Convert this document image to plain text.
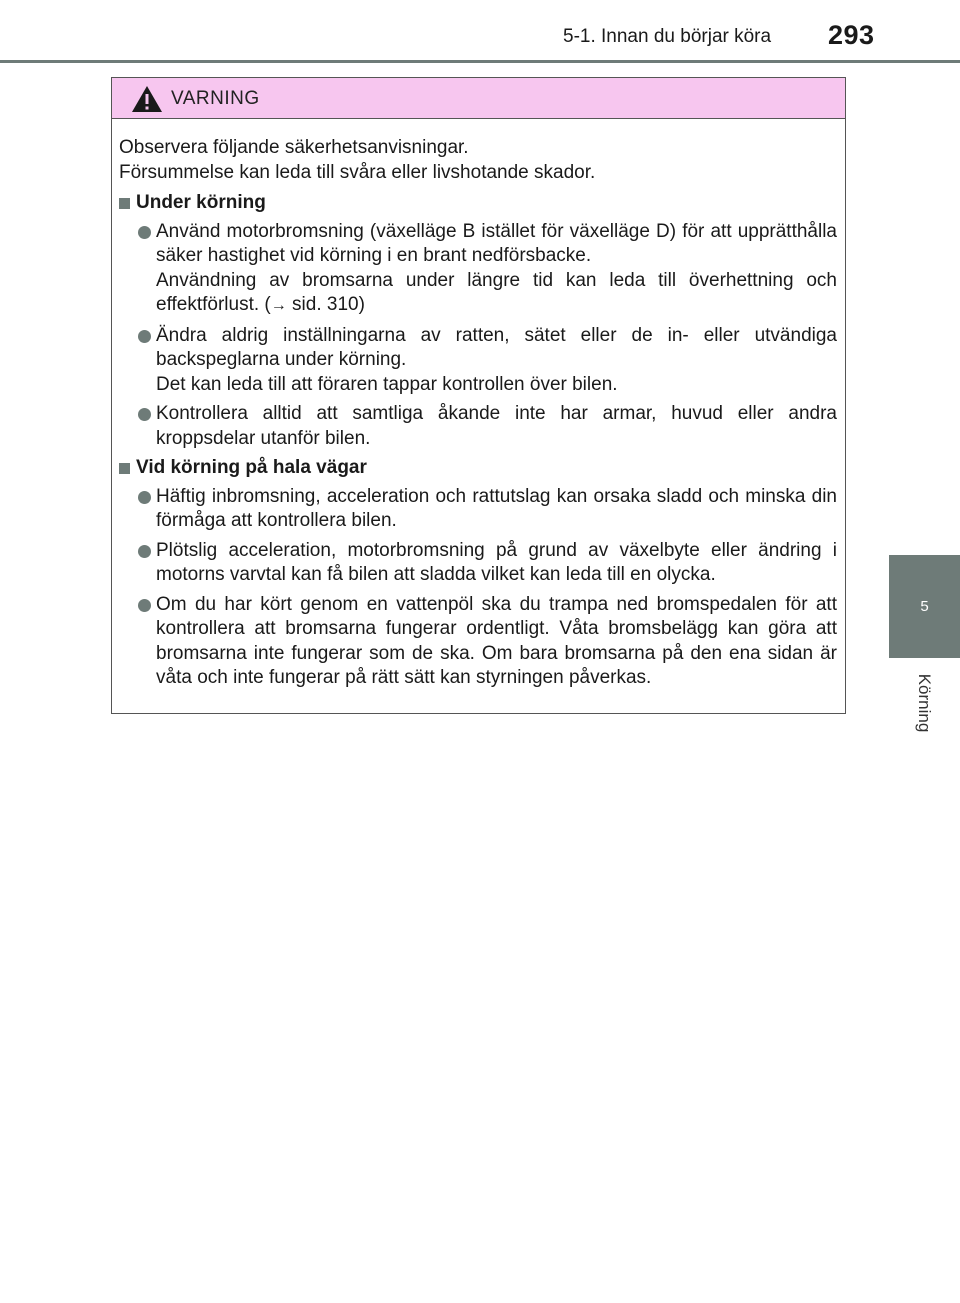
5-1. Innan du börjar köra 293
5
Körning
VARNING
Observera följande säkerhetsanvisningar.
Försummelse kan leda till svåra eller livshotande skador.
Under körning

Använd motorbromsning (växelläge B istället för växelläge D) för att upprätthålla säker hastighet vid körning i en brant nedförsbacke.

Användning av bromsarna under längre tid kan leda till överhettning och effektförlust. (→ sid. 310)

Ändra aldrig inställningarna av ratten, sätet eller de in- eller utvändiga backspeglarna under körning.

Det kan leda till att föraren tappar kontrollen över bilen.

Kontrollera alltid att samtliga åkande inte har armar, huvud eller andra kroppsdelar utanför bilen.

Vid körning på hala vägar

Häftig inbromsning, acceleration och rattutslag kan orsaka sladd och minska din förmåga att kontrollera bilen.

Plötslig acceleration, motorbromsning på grund av växelbyte eller ändring i motorns varvtal kan få bilen att sladda vilket kan leda till en olycka.

Om du har kört genom en vattenpöl ska du trampa ned bromspedalen för att kontrollera att bromsarna fungerar ordentligt. Våta bromsbelägg kan göra att bromsarna inte fungerar som de ska. Om bara bromsarna på den ena sidan är våta och inte fungerar på rätt sätt kan styrningen påverkas.
